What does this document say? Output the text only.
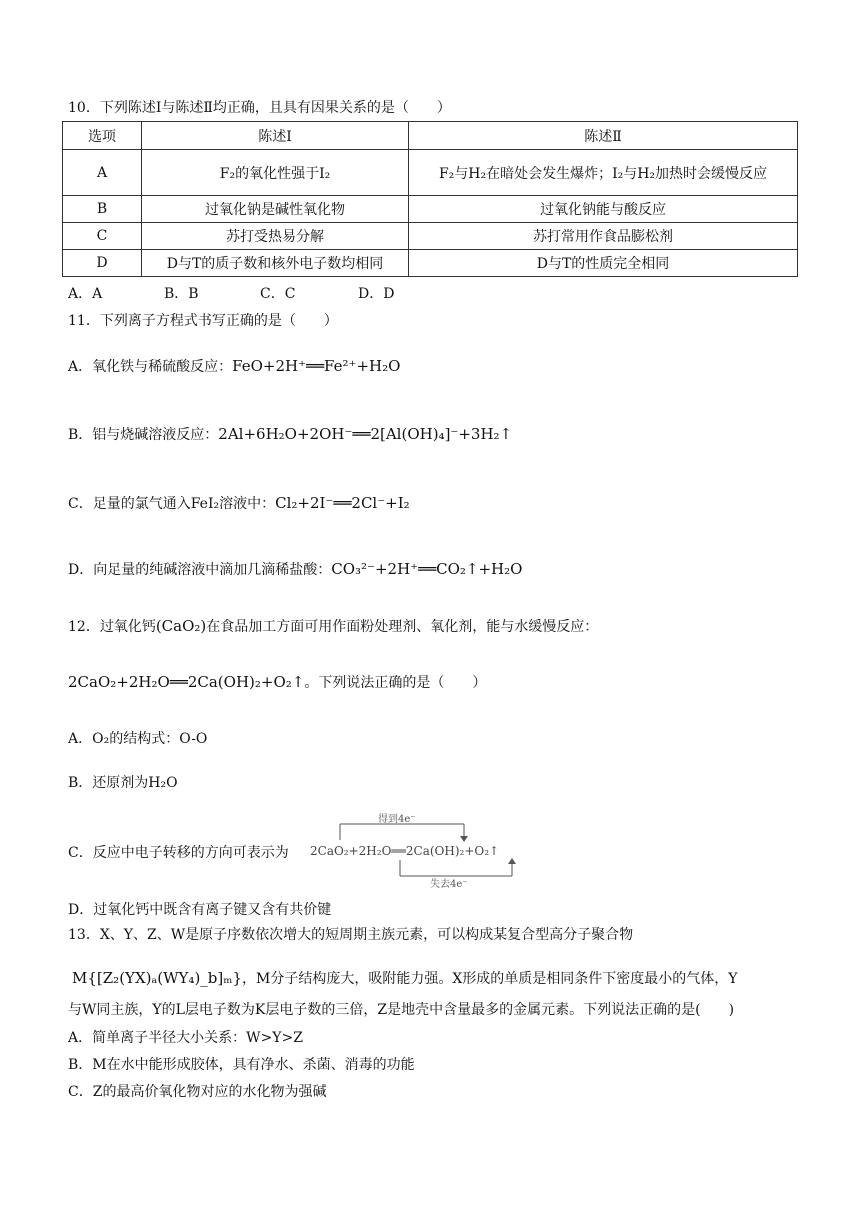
10．下列陈述Ⅰ与陈述Ⅱ均正确，且具有因果关系的是（　　）
选项	陈述Ⅰ	陈述Ⅱ
A	F₂的氧化性强于I₂	F₂与H₂在暗处会发生爆炸；I₂与H₂加热时会缓慢反应
B	过氧化钠是碱性氧化物	过氧化钠能与酸反应
C	苏打受热易分解	苏打常用作食品膨松剂
D	D与T的质子数和核外电子数均相同	D与T的性质完全相同
A．A	B．B	C．C	D．D
11．下列离子方程式书写正确的是（　　）
A．氧化铁与稀硫酸反应：FeO+2H⁺══Fe²⁺+H₂O
B．铝与烧碱溶液反应：2Al+6H₂O+2OH⁻══2[Al(OH)₄]⁻+3H₂↑
C．足量的氯气通入FeI₂溶液中：Cl₂+2I⁻══2Cl⁻+I₂
D．向足量的纯碱溶液中滴加几滴稀盐酸：CO₃²⁻+2H⁺══CO₂↑+H₂O
12．过氧化钙(CaO₂)在食品加工方面可用作面粉处理剂、氧化剂，能与水缓慢反应：
2CaO₂+2H₂O══2Ca(OH)₂+O₂↑。下列说法正确的是（　　）
A．O₂的结构式：O-O
B．还原剂为H₂O
C．反应中电子转移的方向可表示为
得到4e⁻
2CaO₂+2H₂O══2Ca(OH)₂+O₂↑
失去4e⁻
D．过氧化钙中既含有离子键又含有共价键
13．X、Y、Z、W是原子序数依次增大的短周期主族元素，可以构成某复合型高分子聚合物
M{[Z₂(YX)ₐ(WY₄)_b]ₘ}，M分子结构庞大，吸附能力强。X形成的单质是相同条件下密度最小的气体，Y
与W同主族，Y的L层电子数为K层电子数的三倍，Z是地壳中含量最多的金属元素。下列说法正确的是(　　)
A．简单离子半径大小关系：W>Y>Z
B．M在水中能形成胶体，具有净水、杀菌、消毒的功能
C．Z的最高价氧化物对应的水化物为强碱
